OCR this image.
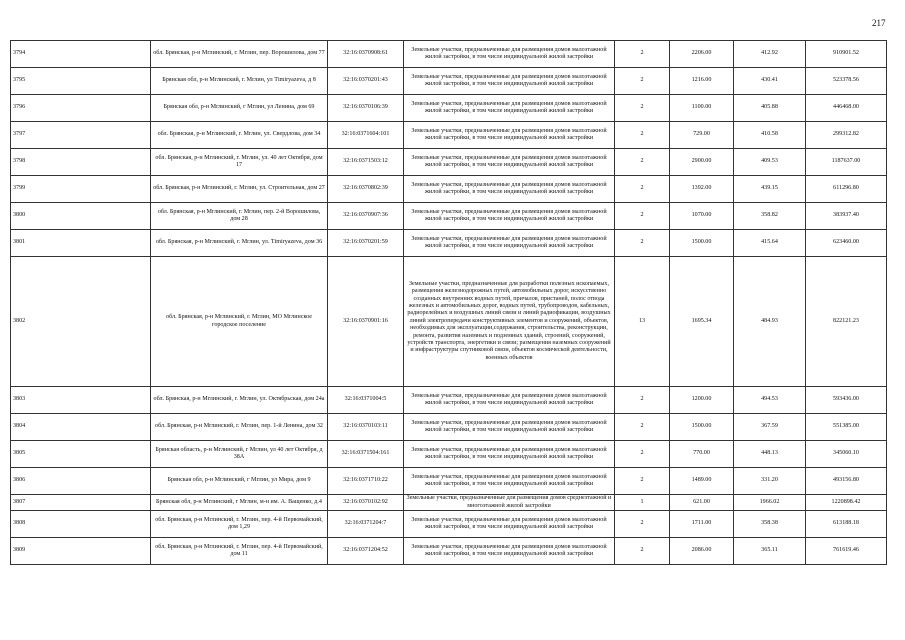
217
3794	обл. Брянская, р-н Мглинский, г. Мглин, пер. Ворошилова, дом 77	32:16:0370908:61	Земельные участки, предназначенные для размещения домов малоэтажной жилой застройки, в том числе индивидуальной жилой застройки	2	2206.00	412.92	910901.52
3795	Брянская обл, р-н Мглинский, г. Мглин, ул Тimiryazeva, д 8	32:16:0370201:43	Земельные участки, предназначенные для размещения домов малоэтажной жилой застройки, в том числе индивидуальной жилой застройки	2	1216.00	430.41	523378.56
3796	Брянская обл, р-н Мглинский, г Мглин, ул Ленина, дом 69	32:16:0370106:39	Земельные участки, предназначенные для размещения домов малоэтажной жилой застройки, в том числе индивидуальной жилой застройки	2	1100.00	405.88	446468.00
3797	обл. Брянская, р-н Мглинский, г. Мглин, ул. Свердлова, дом 34	32:16:0371604:101	Земельные участки, предназначенные для размещения домов малоэтажной жилой застройки, в том числе индивидуальной жилой застройки	2	729.00	410.58	299312.82
3798	обл. Брянская, р-н Мглинский, г. Мглин, ул. 40 лет Октября, дом 17	32:16:0371503:12	Земельные участки, предназначенные для размещения домов малоэтажной жилой застройки, в том числе индивидуальной жилой застройки	2	2900.00	409.53	1187637.00
3799	обл. Брянская, р-н Мглинский, г. Мглин, ул. Строительная, дом 27	32:16:0370802:39	Земельные участки, предназначенные для размещения домов малоэтажной жилой застройки, в том числе индивидуальной жилой застройки	2	1392.00	439.15	611296.80
3800	обл. Брянская, р-н Мглинский, г. Мглин, пер. 2-й Ворошилова, дом 28	32:16:0370907:36	Земельные участки, предназначенные для размещения домов малоэтажной жилой застройки, в том числе индивидуальной жилой застройки	2	1070.00	358.82	383937.40
3801	обл. Брянская, р-н Мглинский, г. Мглин, ул. Тimiryazeva, дом 36	32:16:0370201:59	Земельные участки, предназначенные для размещения домов малоэтажной жилой застройки, в том числе индивидуальной жилой застройки	2	1500.00	415.64	623460.00
3802	обл. Брянская, р-н Мглинский, г. Мглин, МО Мглинское городское поселение	32:16:0370901:16	Земельные участки, предназначенные для разработки полезных ископаемых, размещения железнодорожных путей, автомобильных дорог, искусственно созданных внутренних водных путей, причалов, пристаней, полос отвода железных и автомобильных дорог, водных путей, трубопроводов, кабельных, радиорелейных и воздушных линий связи и линий радиофикации, воздушных линий электропередачи конструктивных элементов и сооружений, объектов, необходимых для эксплуатации,содержания, строительства, реконструкции, ремонта, развития наземных и подземных зданий, строений, сооружений, устройств транспорта, энергетики и связи; размещения наземных сооружений и инфраструктуры спутниковой связи, объектов космической деятельности, военных объектов	13	1695.34	484.93	822121.23
3803	обл. Брянская, р-н Мглинский, г. Мглин, ул. Октябрьская, дом 24а	32:16:0371004:5	Земельные участки, предназначенные для размещения домов малоэтажной жилой застройки, в том числе индивидуальной жилой застройки	2	1200.00	494.53	593436.00
3804	обл. Брянская, р-н Мглинский, г. Мглин, пер. 1-й Ленина, дом 32	32:16:0370103:11	Земельные участки, предназначенные для размещения домов малоэтажной жилой застройки, в том числе индивидуальной жилой застройки	2	1500.00	367.59	551385.00
3805	Брянская область, р-н Мглинский, г Мглин, ул 40 лет Октября, д 38А	32:16:0371504:161	Земельные участки, предназначенные для размещения домов малоэтажной жилой застройки, в том числе индивидуальной жилой застройки	2	770.00	448.13	345060.10
3806	Брянская обл, р-н Мглинский, г Мглин, ул Мира, дом 9	32:16:0371710:22	Земельные участки, предназначенные для размещения домов малоэтажной жилой застройки, в том числе индивидуальной жилой застройки	2	1489.00	331.20	493156.80
3807	Брянская обл, р-н Мглинский, г Мглин, м-н им. А. Ващенко, д.4	32:16:0370102:92	Земельные участки, предназначенные для размещения домов среднеэтажной и многоэтажной жилой застройки	1	621.00	1966.02	1220898.42
3808	обл. Брянская, р-н Мглинский, г. Мглин, пер. 4-й Первомайский, дом 1,29	32:16:0371204:7	Земельные участки, предназначенные для размещения домов малоэтажной жилой застройки, в том числе индивидуальной жилой застройки	2	1711.00	358.38	613188.18
3809	обл. Брянская, р-н Мглинский, г. Мглин, пер. 4-й Первомайский, дом 11	32:16:0371204:52	Земельные участки, предназначенные для размещения домов малоэтажной жилой застройки, в том числе индивидуальной жилой застройки	2	2086.00	365.11	761619.46
